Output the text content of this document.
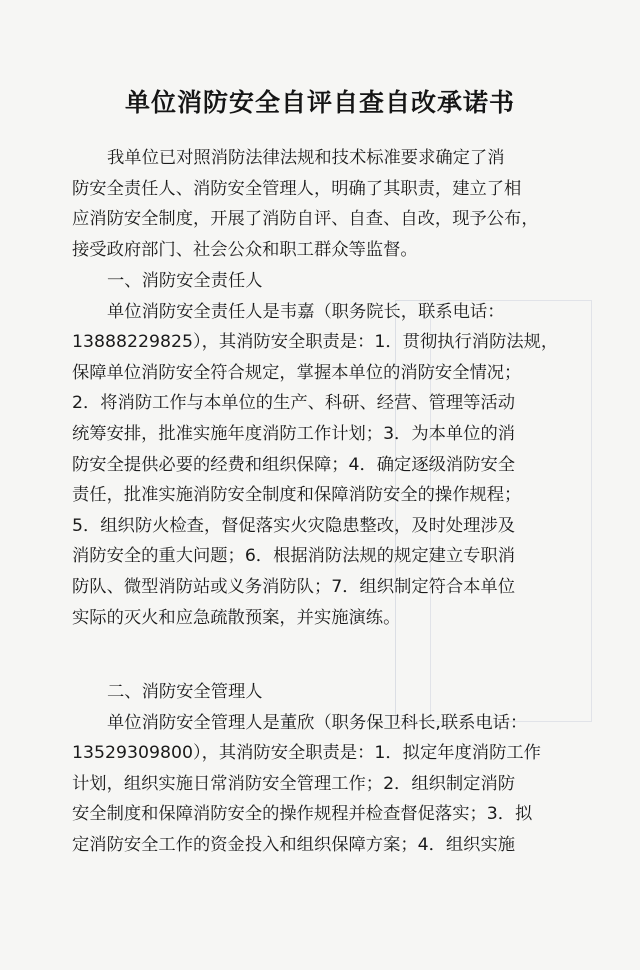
单位消防安全自评自查自改承诺书
我单位已对照消防法律法规和技术标准要求确定了消
防安全责任人、消防安全管理人，明确了其职责，建立了相
应消防安全制度，开展了消防自评、自查、自改，现予公布，
接受政府部门、社会公众和职工群众等监督。
一、消防安全责任人
单位消防安全责任人是韦嘉（职务院长，联系电话：
13888229825），其消防安全职责是：1．贯彻执行消防法规，
保障单位消防安全符合规定，掌握本单位的消防安全情况；
2．将消防工作与本单位的生产、科研、经营、管理等活动
统筹安排，批准实施年度消防工作计划；3．为本单位的消
防安全提供必要的经费和组织保障；4．确定逐级消防安全
责任，批准实施消防安全制度和保障消防安全的操作规程；
5．组织防火检查，督促落实火灾隐患整改，及时处理涉及
消防安全的重大问题；6．根据消防法规的规定建立专职消
防队、微型消防站或义务消防队；7．组织制定符合本单位
实际的灭火和应急疏散预案，并实施演练。
二、消防安全管理人
单位消防安全管理人是董欣（职务保卫科长,联系电话：
13529309800），其消防安全职责是：1．拟定年度消防工作
计划，组织实施日常消防安全管理工作；2．组织制定消防
安全制度和保障消防安全的操作规程并检查督促落实；3．拟
定消防安全工作的资金投入和组织保障方案；4．组织实施
